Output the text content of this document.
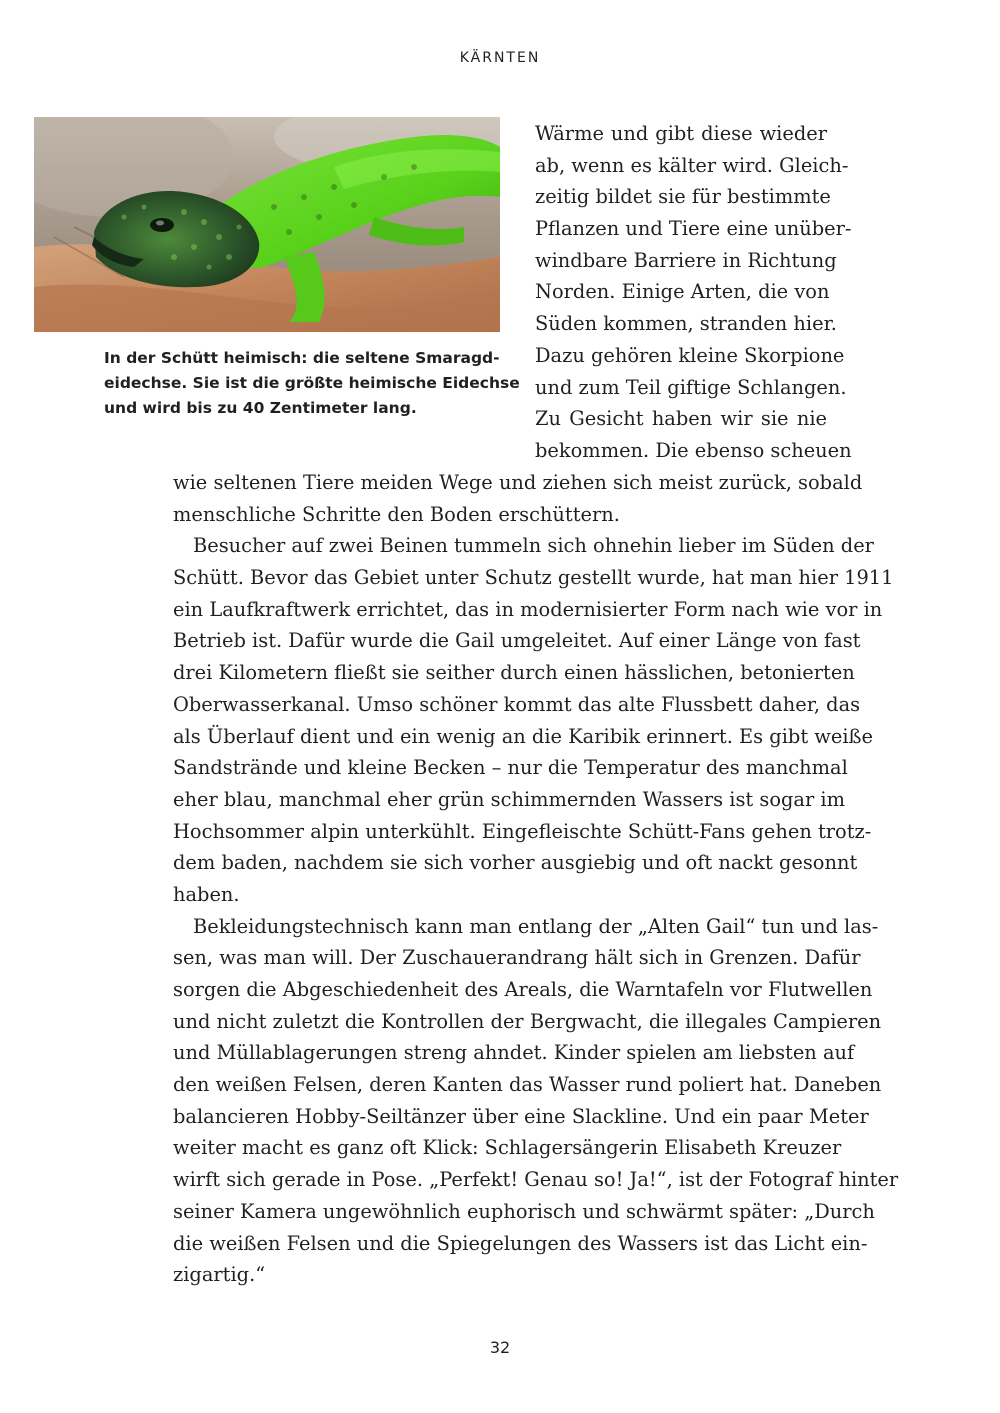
KÄRNTEN
In der Schütt heimisch: die seltene Smaragd-
eidechse. Sie ist die größte heimische Eidechse
und wird bis zu 40 Zentimeter lang.
Wärme und gibt diese wieder
ab, wenn es kälter wird. Gleich-
zeitig bildet sie für bestimmte
Pflanzen und Tiere eine unüber-
windbare Barriere in Richtung
Norden. Einige Arten, die von
Süden kommen, stranden hier.
Dazu gehören kleine Skorpione
und zum Teil giftige Schlangen.
Zu Gesicht haben wir sie nie
bekommen. Die ebenso scheuen
wie seltenen Tiere meiden Wege und ziehen sich meist zurück, sobald
menschliche Schritte den Boden erschüttern.
Besucher auf zwei Beinen tummeln sich ohnehin lieber im Süden der
Schütt. Bevor das Gebiet unter Schutz gestellt wurde, hat man hier 1911
ein Laufkraftwerk errichtet, das in modernisierter Form nach wie vor in
Betrieb ist. Dafür wurde die Gail umgeleitet. Auf einer Länge von fast
drei Kilometern fließt sie seither durch einen hässlichen, betonierten
Oberwasserkanal. Umso schöner kommt das alte Flussbett daher, das
als Überlauf dient und ein wenig an die Karibik erinnert. Es gibt weiße
Sandstrände und kleine Becken – nur die Temperatur des manchmal
eher blau, manchmal eher grün schimmernden Wassers ist sogar im
Hochsommer alpin unterkühlt. Eingefleischte Schütt-Fans gehen trotz-
dem baden, nachdem sie sich vorher ausgiebig und oft nackt gesonnt
haben.
Bekleidungstechnisch kann man entlang der „Alten Gail“ tun und las-
sen, was man will. Der Zuschauerandrang hält sich in Grenzen. Dafür
sorgen die Abgeschiedenheit des Areals, die Warntafeln vor Flutwellen
und nicht zuletzt die Kontrollen der Bergwacht, die illegales Campieren
und Müllablagerungen streng ahndet. Kinder spielen am liebsten auf
den weißen Felsen, deren Kanten das Wasser rund poliert hat. Daneben
balancieren Hobby-Seiltänzer über eine Slackline. Und ein paar Meter
weiter macht es ganz oft Klick: Schlagersängerin Elisabeth Kreuzer
wirft sich gerade in Pose. „Perfekt! Genau so! Ja!“, ist der Fotograf hinter
seiner Kamera ungewöhnlich euphorisch und schwärmt später: „Durch
die weißen Felsen und die Spiegelungen des Wassers ist das Licht ein-
zigartig.“
32
